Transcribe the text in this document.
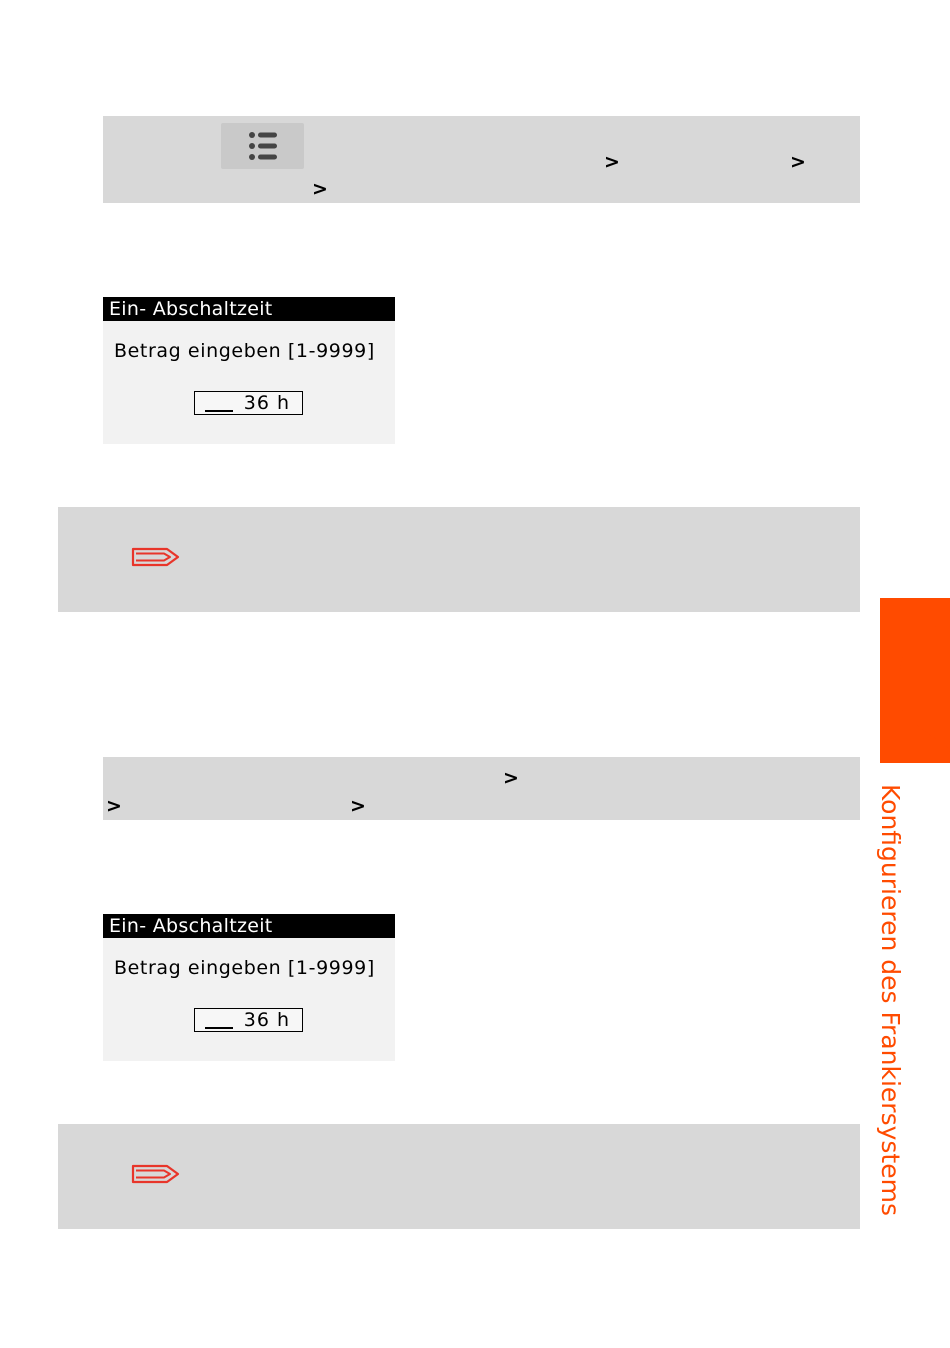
>	>
>
Ein- Abschaltzeit
Betrag eingeben [1-9999]
36 h
>
>	>
Ein- Abschaltzeit
Betrag eingeben [1-9999]
36 h	Konfigurieren des Frankiersystems
